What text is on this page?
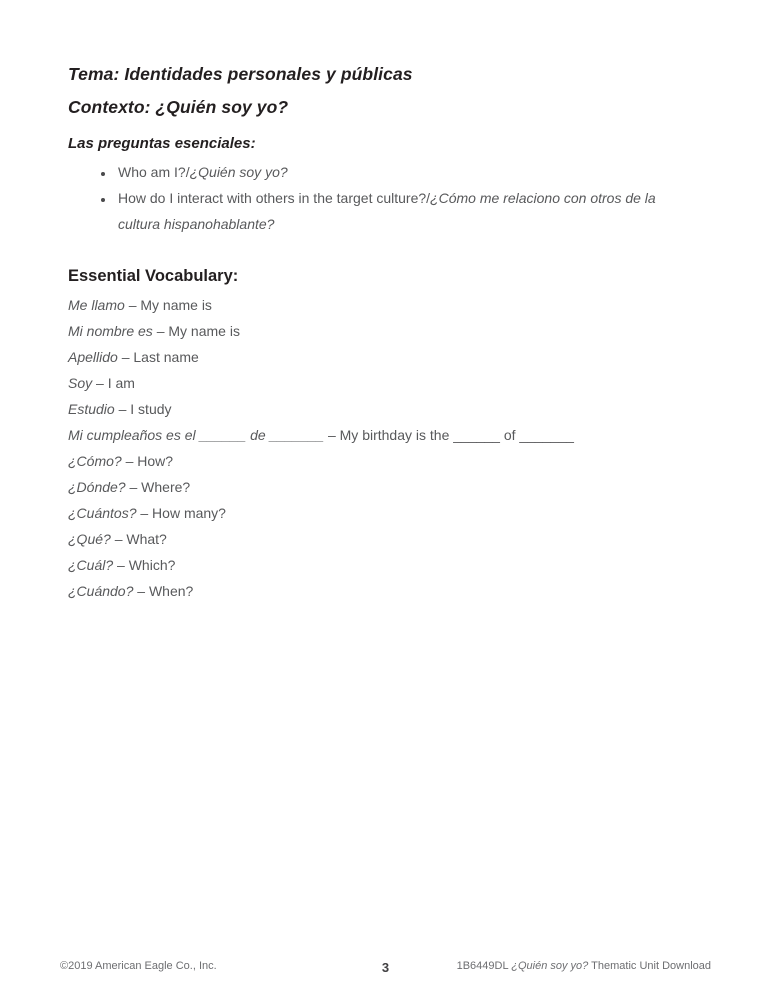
Tema: Identidades personales y públicas
Contexto: ¿Quién soy yo?
Las preguntas esenciales:
• Who am I?/¿Quién soy yo?
• How do I interact with others in the target culture?/¿Cómo me relaciono con otros de la cultura hispanohablante?
Essential Vocabulary:

Me llamo – My name is

Mi nombre es – My name is

Apellido – Last name

Soy – I am

Estudio – I study

Mi cumpleaños es el ______ de _______ – My birthday is the ______ of _______

¿Cómo? – How?

¿Dónde? – Where?

¿Cuántos? – How many?

¿Qué? – What?

¿Cuál? – Which?

¿Cuándo? – When?

©2019 American Eagle Co., Inc.	3	1B6449DL ¿Quién soy yo? Thematic Unit Download
